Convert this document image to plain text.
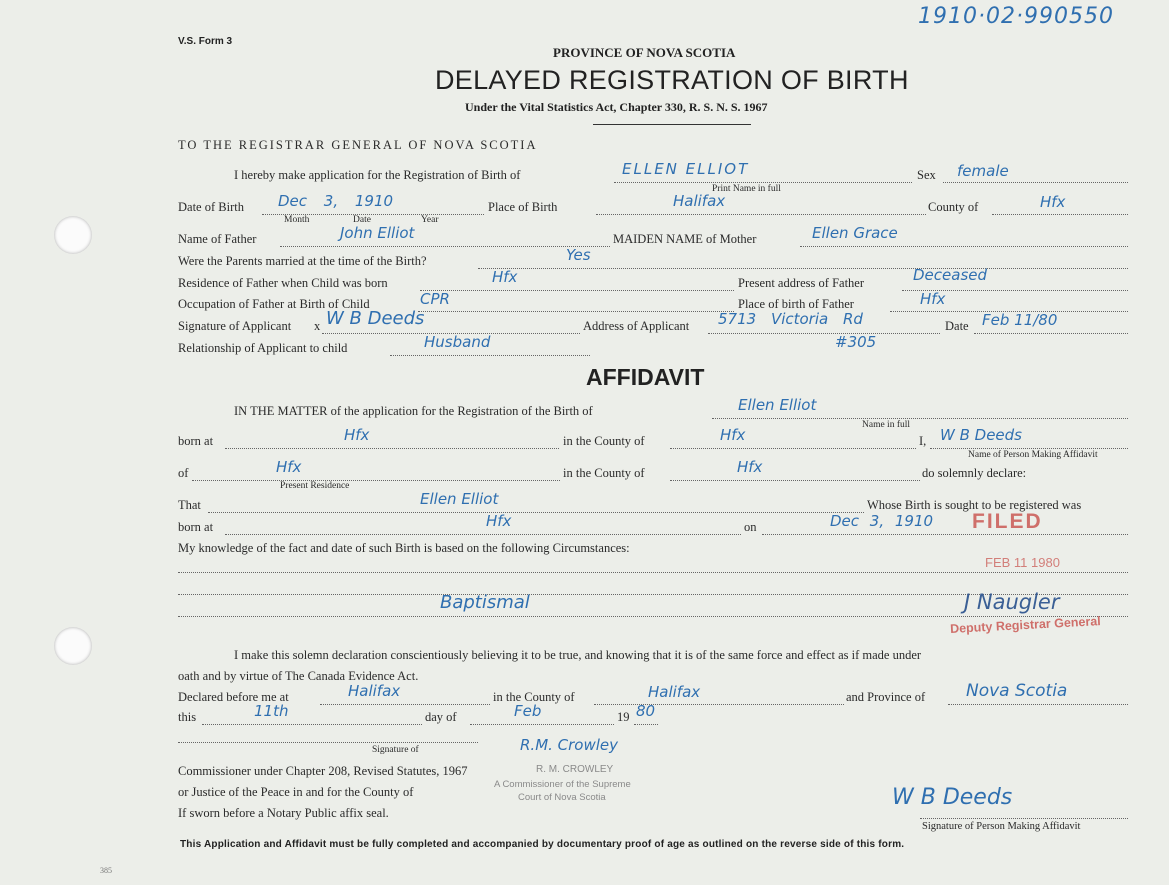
1910·02·990550
V.S. Form 3
PROVINCE OF NOVA SCOTIA
DELAYED REGISTRATION OF BIRTH
Under the Vital Statistics Act, Chapter 330, R. S. N. S. 1967
TO THE REGISTRAR GENERAL OF NOVA SCOTIA
I hereby make application for the Registration of Birth of	ELLEN ELLIOT
Print Name in full
Sex female
Date of Birth Dec 3, 1910
Month	Date	Year
Place of Birth	Halifax	County of	Hfx
Name of Father	John Elliot	MAIDEN NAME of Mother	Ellen Grace
Were the Parents married at the time of the Birth?	Yes
Residence of Father when Child was born	Hfx	Present address of Father	Deceased
Occupation of Father at Birth of Child	CPR	Place of birth of Father	Hfx
Signature of Applicant x W B Deeds	Address of Applicant 5713 Victoria Rd	Date Feb 11/80
Relationship of Applicant to child	Husband	#305
AFFIDAVIT
IN THE MATTER of the application for the Registration of the Birth of	Ellen Elliot
Name in full
born at	Hfx	in the County of	Hfx	I, W B Deeds
Name of Person Making Affidavit
of	Hfx
Present Residence
in the County of	Hfx	do solemnly declare:
That	Ellen Elliot	Whose Birth is sought to be registered was
born at	Hfx	on	Dec 3, 1910
My knowledge of the fact and date of such Birth is based on the following Circumstances:
Baptismal
I make this solemn declaration conscientiously believing it to be true, and knowing that it is of the same force and effect as if made under
oath and by virtue of The Canada Evidence Act.
Declared before me at	Halifax	in the County of	Halifax	and Province of Nova Scotia
this	11th	day of	Feb	19 80
R.M. Crowley
Signature of
Commissioner under Chapter 208, Revised Statutes, 1967
or Justice of the Peace in and for the County of
If sworn before a Notary Public affix seal.
R. M. CROWLEY
A Commissioner of the Supreme
Court of Nova Scotia	W B Deeds
Signature of Person Making Affidavit
FILED
FEB 11 1980
J Naugler
Deputy Registrar General
This Application and Affidavit must be fully completed and accompanied by documentary proof of age as outlined on the reverse side of this form.
385
